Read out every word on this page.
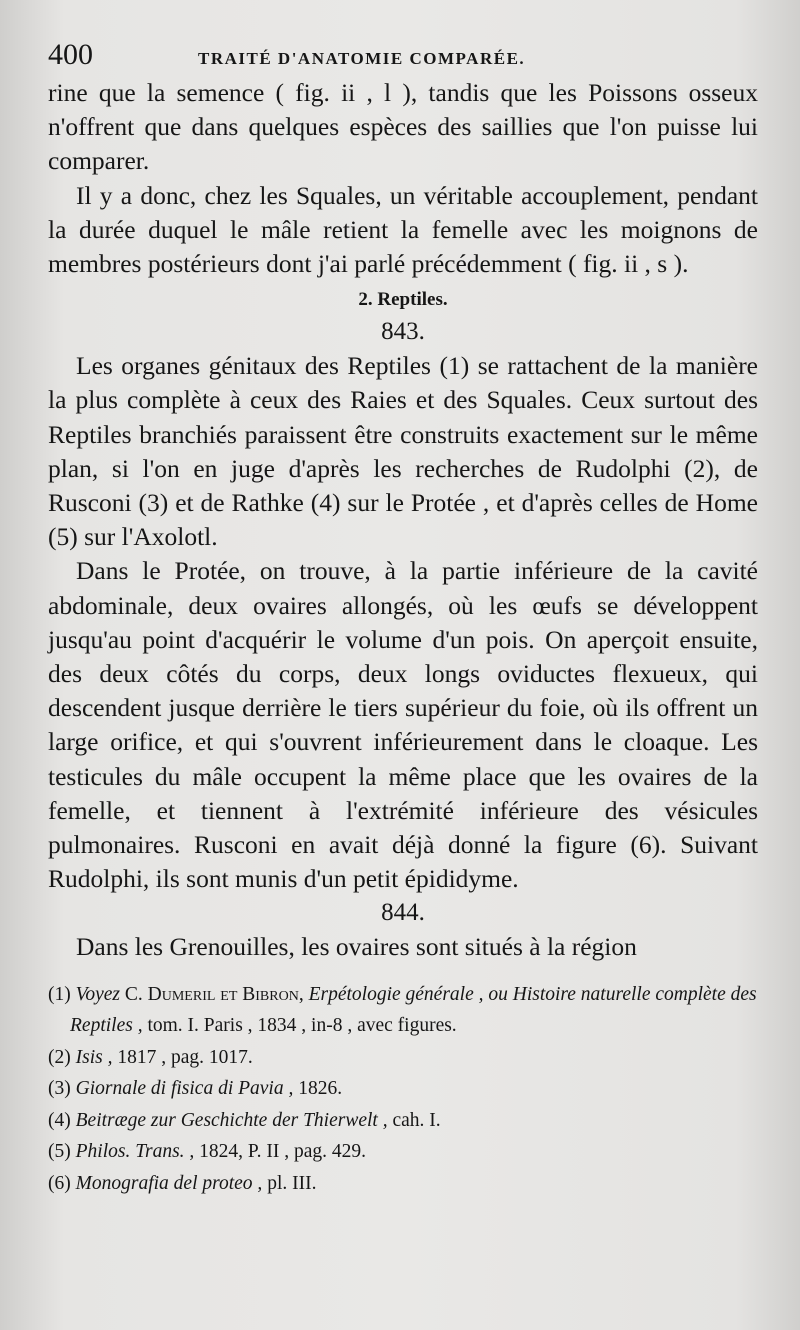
400	TRAITÉ D'ANATOMIE COMPARÉE.

rine que la semence ( fig. ii , l ), tandis que les Poissons osseux n'offrent que dans quelques espèces des saillies que l'on puisse lui comparer.

Il y a donc, chez les Squales, un véritable accouplement, pendant la durée duquel le mâle retient la femelle avec les moignons de membres postérieurs dont j'ai parlé précédemment ( fig. ii , s ).

2. Reptiles.
843.

Les organes génitaux des Reptiles (1) se rattachent de la manière la plus complète à ceux des Raies et des Squales. Ceux surtout des Reptiles branchiés paraissent être construits exactement sur le même plan, si l'on en juge d'après les recherches de Rudolphi (2), de Rusconi (3) et de Rathke (4) sur le Protée , et d'après celles de Home (5) sur l'Axolotl.

Dans le Protée, on trouve, à la partie inférieure de la cavité abdominale, deux ovaires allongés, où les œufs se développent jusqu'au point d'acquérir le volume d'un pois. On aperçoit ensuite, des deux côtés du corps, deux longs oviductes flexueux, qui descendent jusque derrière le tiers supérieur du foie, où ils offrent un large orifice, et qui s'ouvrent inférieurement dans le cloaque. Les testicules du mâle occupent la même place que les ovaires de la femelle, et tiennent à l'extrémité inférieure des vésicules pulmonaires. Rusconi en avait déjà donné la figure (6). Suivant Rudolphi, ils sont munis d'un petit épididyme.

844.

Dans les Grenouilles, les ovaires sont situés à la région

(1) Voyez C. Dumeril et Bibron, Erpétologie générale , ou Histoire naturelle complète des Reptiles , tom. I. Paris , 1834 , in-8 , avec figures.

(2) Isis , 1817 , pag. 1017.

(3) Giornale di fisica di Pavia , 1826.

(4) Beitræge zur Geschichte der Thierwelt , cah. I.

(5) Philos. Trans. , 1824, P. II , pag. 429.

(6) Monografia del proteo , pl. III.
